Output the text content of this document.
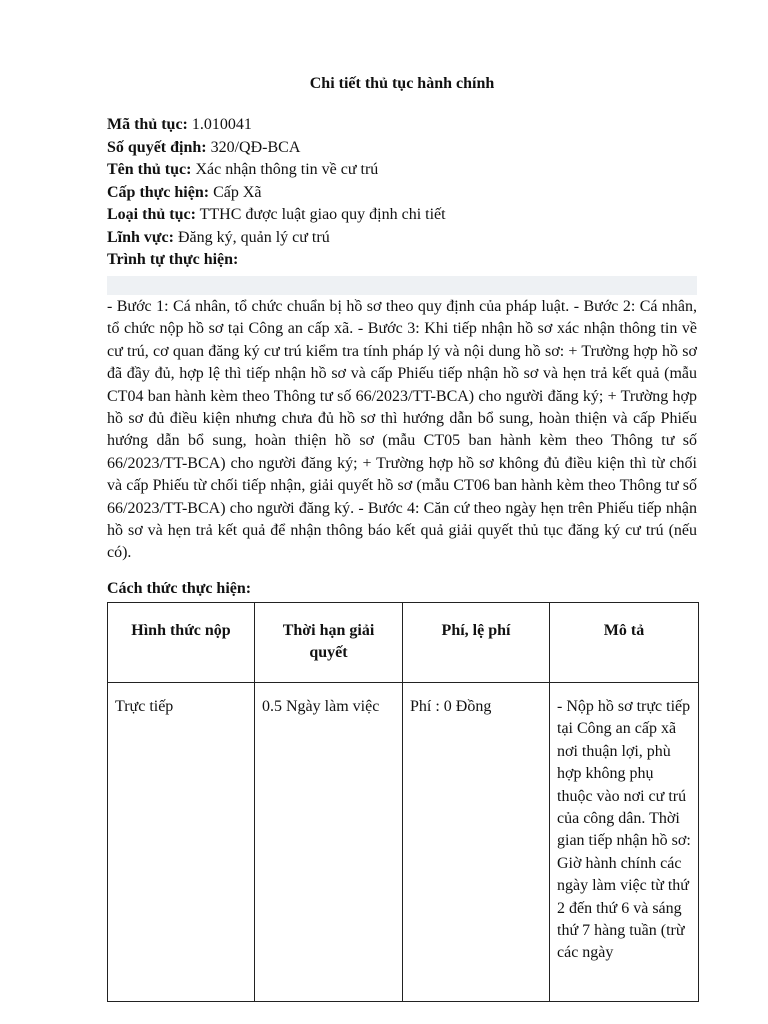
Chi tiết thủ tục hành chính
Mã thủ tục: 1.010041
Số quyết định: 320/QĐ-BCA
Tên thủ tục: Xác nhận thông tin về cư trú
Cấp thực hiện: Cấp Xã
Loại thủ tục: TTHC được luật giao quy định chi tiết
Lĩnh vực: Đăng ký, quản lý cư trú
Trình tự thực hiện:
- Bước 1: Cá nhân, tổ chức chuẩn bị hồ sơ theo quy định của pháp luật. - Bước 2: Cá nhân, tổ chức nộp hồ sơ tại Công an cấp xã. - Bước 3: Khi tiếp nhận hồ sơ xác nhận thông tin về cư trú, cơ quan đăng ký cư trú kiểm tra tính pháp lý và nội dung hồ sơ: + Trường hợp hồ sơ đã đầy đủ, hợp lệ thì tiếp nhận hồ sơ và cấp Phiếu tiếp nhận hồ sơ và hẹn trả kết quả (mẫu CT04 ban hành kèm theo Thông tư số 66/2023/TT-BCA) cho người đăng ký; + Trường hợp hồ sơ đủ điều kiện nhưng chưa đủ hồ sơ thì hướng dẫn bổ sung, hoàn thiện và cấp Phiếu hướng dẫn bổ sung, hoàn thiện hồ sơ (mẫu CT05 ban hành kèm theo Thông tư số 66/2023/TT-BCA) cho người đăng ký; + Trường hợp hồ sơ không đủ điều kiện thì từ chối và cấp Phiếu từ chối tiếp nhận, giải quyết hồ sơ (mẫu CT06 ban hành kèm theo Thông tư số 66/2023/TT-BCA) cho người đăng ký. - Bước 4: Căn cứ theo ngày hẹn trên Phiếu tiếp nhận hồ sơ và hẹn trả kết quả để nhận thông báo kết quả giải quyết thủ tục đăng ký cư trú (nếu có).
Cách thức thực hiện:
Hình thức nộp	Thời hạn giải quyết	Phí, lệ phí	Mô tả

Trực tiếp	0.5 Ngày làm việc	Phí : 0 Đồng	- Nộp hồ sơ trực tiếp tại Công an cấp xã nơi thuận lợi, phù hợp không phụ thuộc vào nơi cư trú của công dân. Thời gian tiếp nhận hồ sơ: Giờ hành chính các ngày làm việc từ thứ 2 đến thứ 6 và sáng thứ 7 hàng tuần (trừ các ngày
